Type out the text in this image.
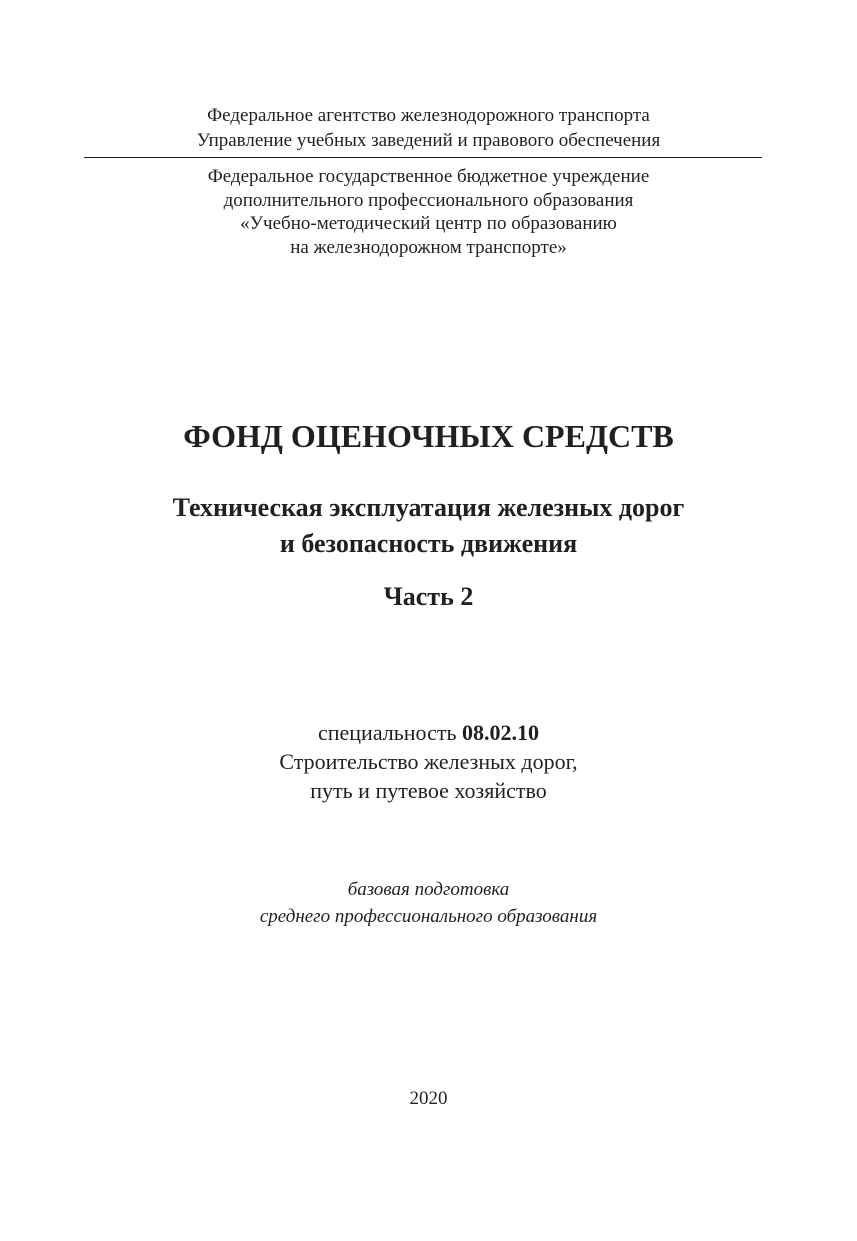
Федеральное агентство железнодорожного транспорта
Управление учебных заведений и правового обеспечения
Федеральное государственное бюджетное учреждение
дополнительного профессионального образования
«Учебно-методический центр по образованию
на железнодорожном транспорте»
ФОНД ОЦЕНОЧНЫХ СРЕДСТВ
Техническая эксплуатация железных дорог
и безопасность движения
Часть 2
специальность 08.02.10
Строительство железных дорог,
путь и путевое хозяйство
базовая подготовка
среднего профессионального образования
2020
